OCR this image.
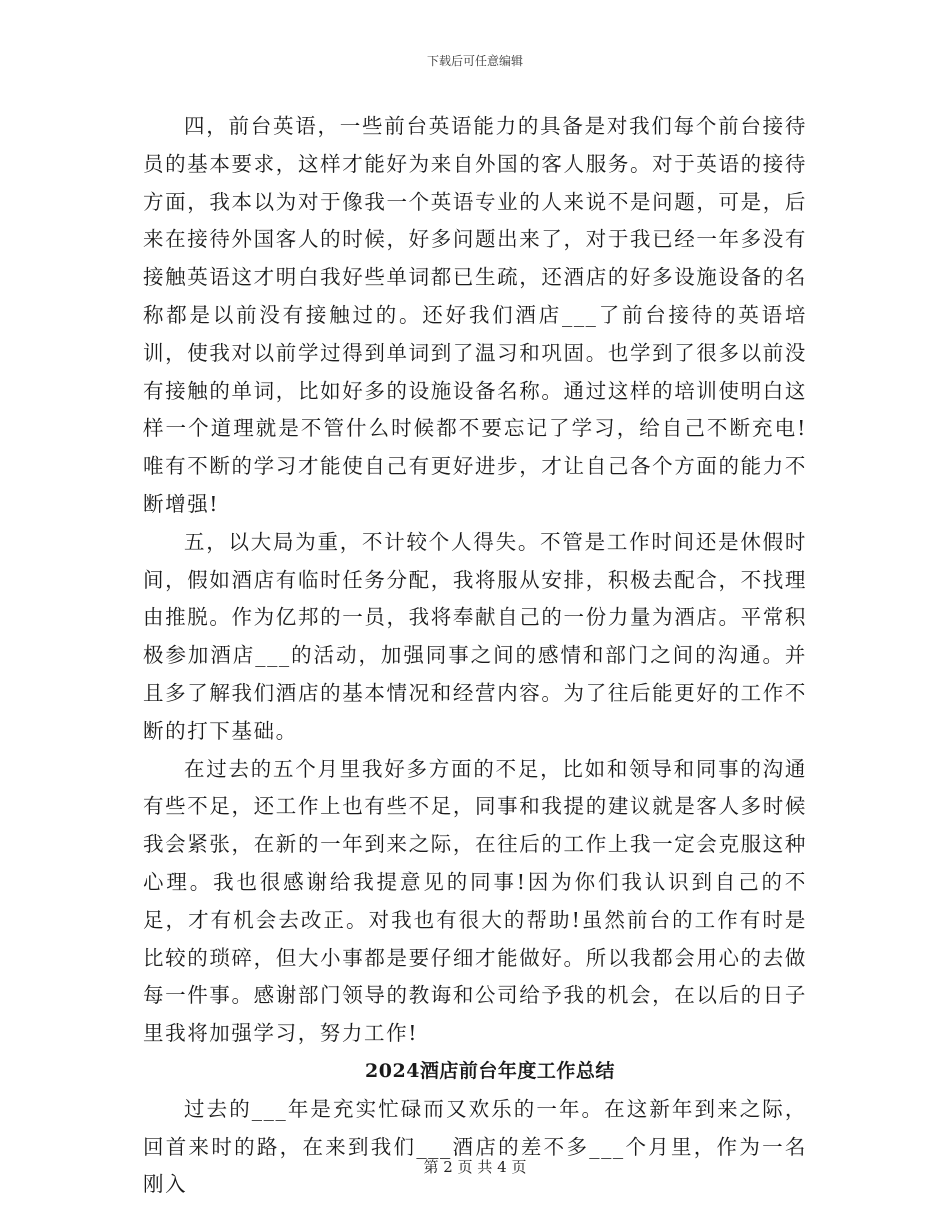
下载后可任意编辑

四，前台英语，一些前台英语能力的具备是对我们每个前台接待员的基本要求，这样才能好为来自外国的客人服务。对于英语的接待方面，我本以为对于像我一个英语专业的人来说不是问题，可是，后来在接待外国客人的时候，好多问题出来了，对于我已经一年多没有接触英语这才明白我好些单词都已生疏，还酒店的好多设施设备的名称都是以前没有接触过的。还好我们酒店___了前台接待的英语培训，使我对以前学过得到单词到了温习和巩固。也学到了很多以前没有接触的单词，比如好多的设施设备名称。通过这样的培训使明白这样一个道理就是不管什么时候都不要忘记了学习，给自己不断充电!唯有不断的学习才能使自己有更好进步，才让自己各个方面的能力不断增强!

五，以大局为重，不计较个人得失。不管是工作时间还是休假时间，假如酒店有临时任务分配，我将服从安排，积极去配合，不找理由推脱。作为亿邦的一员，我将奉献自己的一份力量为酒店。平常积极参加酒店___的活动，加强同事之间的感情和部门之间的沟通。并且多了解我们酒店的基本情况和经营内容。为了往后能更好的工作不断的打下基础。

在过去的五个月里我好多方面的不足，比如和领导和同事的沟通有些不足，还工作上也有些不足，同事和我提的建议就是客人多时候我会紧张，在新的一年到来之际，在往后的工作上我一定会克服这种心理。我也很感谢给我提意见的同事!因为你们我认识到自己的不足，才有机会去改正。对我也有很大的帮助!虽然前台的工作有时是比较的琐碎，但大小事都是要仔细才能做好。所以我都会用心的去做每一件事。感谢部门领导的教诲和公司给予我的机会，在以后的日子里我将加强学习，努力工作!

2024酒店前台年度工作总结

过去的___年是充实忙碌而又欢乐的一年。在这新年到来之际，回首来时的路，在来到我们___酒店的差不多___个月里，作为一名刚入

第 2 页 共 4 页
